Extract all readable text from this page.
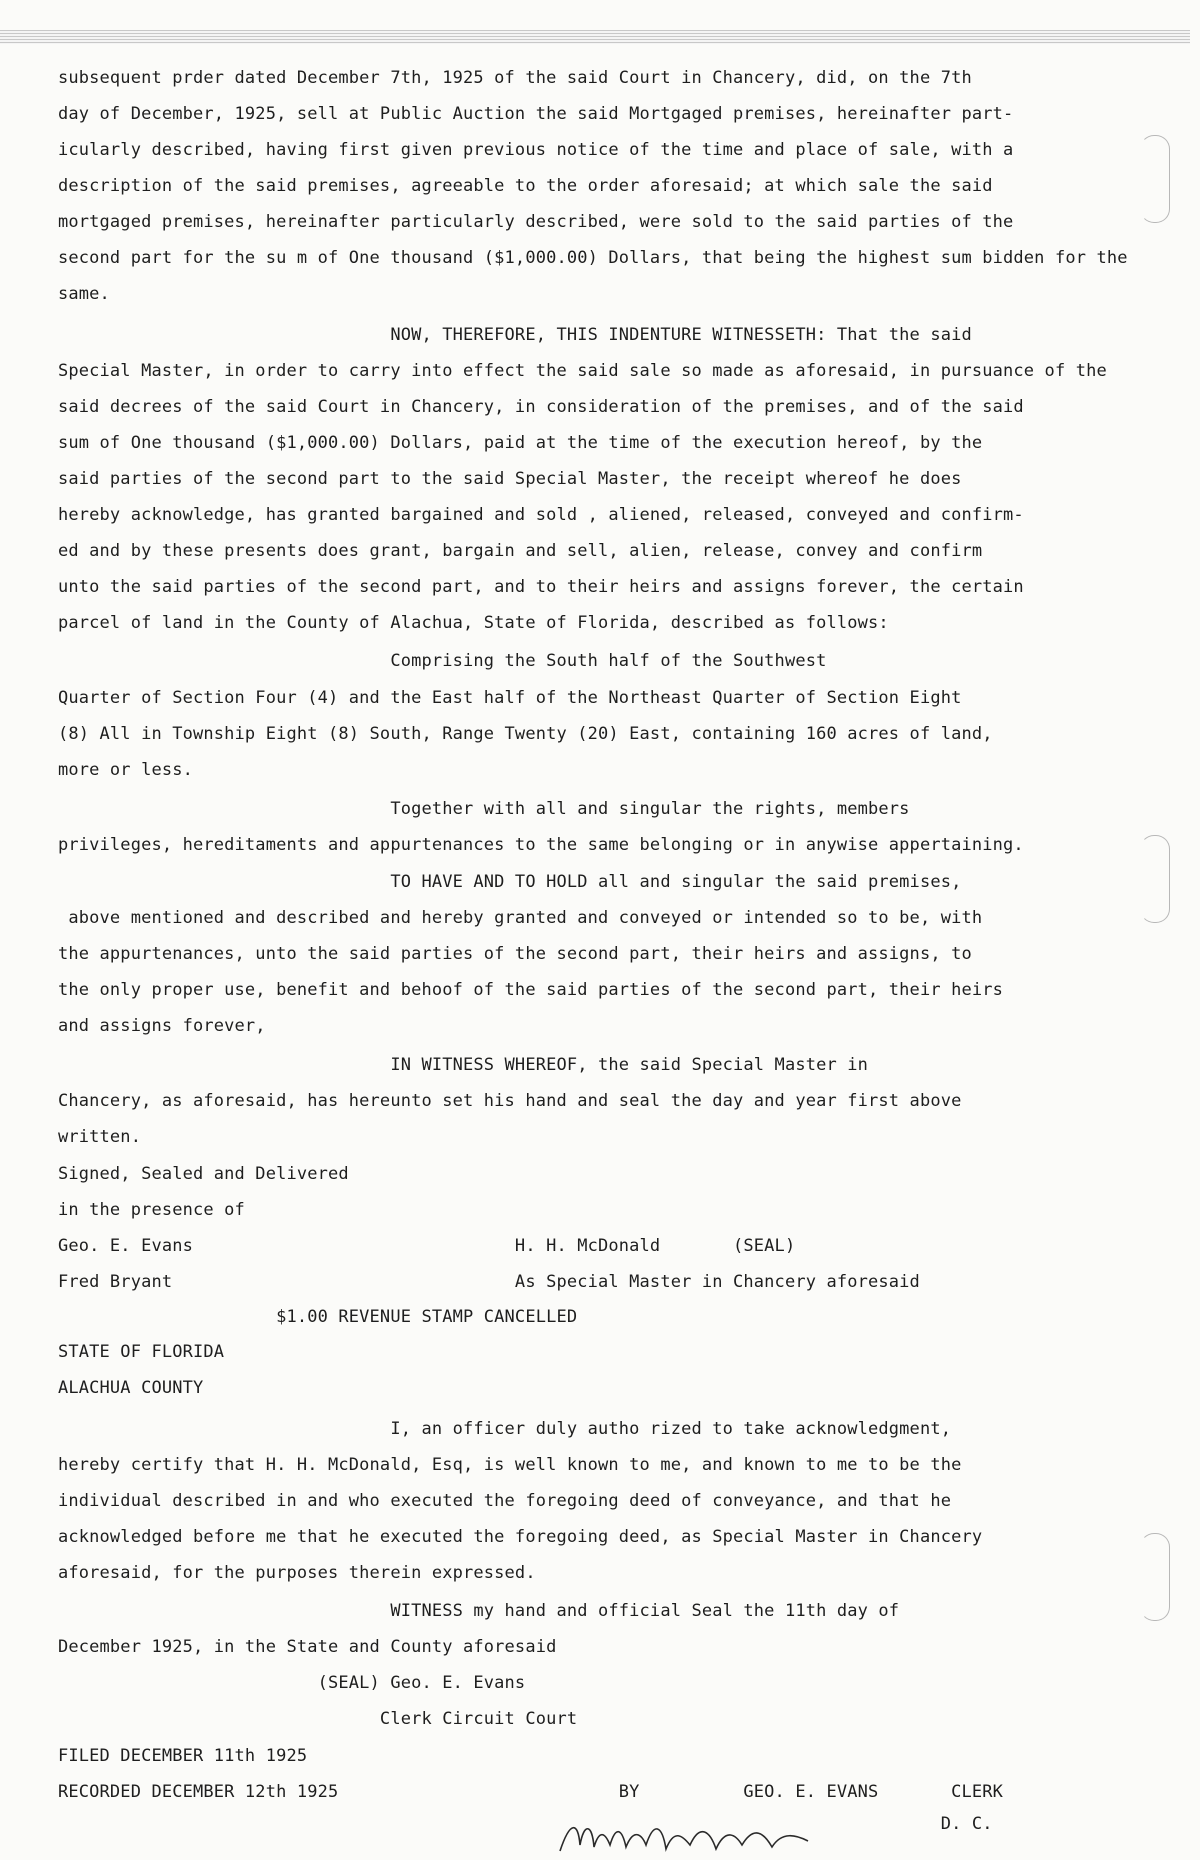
subsequent prder dated December 7th, 1925 of the said Court in Chancery, did, on the 7th
day of December, 1925, sell at Public Auction the said Mortgaged premises, hereinafter part-
icularly described, having first given previous notice of the time and place of sale, with a
description of the said premises, agreeable to the order aforesaid; at which sale the said
mortgaged premises, hereinafter particularly described, were sold to the said parties of the
second part for the su m of One thousand ($1,000.00) Dollars, that being the highest sum bidden for the
same.
NOW, THEREFORE, THIS INDENTURE WITNESSETH: That the said
Special Master, in order to carry into effect the said sale so made as aforesaid, in pursuance of the
said decrees of the said Court in Chancery, in consideration of the premises, and of the said
sum of One thousand ($1,000.00) Dollars, paid at the time of the execution hereof, by the
said parties of the second part to the said Special Master, the receipt whereof he does
hereby acknowledge, has granted bargained and sold , aliened, released, conveyed and confirm-
ed and by these presents does grant, bargain and sell, alien, release, convey and confirm
unto the said parties of the second part, and to their heirs and assigns forever, the certain
parcel of land in the County of Alachua, State of Florida, described as follows:
Comprising the South half of the Southwest
Quarter of Section Four (4) and the East half of the Northeast Quarter of Section Eight
(8) All in Township Eight (8) South, Range Twenty (20) East, containing 160 acres of land,
more or less.
Together with all and singular the rights, members
privileges, hereditaments and appurtenances to the same belonging or in anywise appertaining.
TO HAVE AND TO HOLD all and singular the said premises,
above mentioned and described and hereby granted and conveyed or intended so to be, with
the appurtenances, unto the said parties of the second part, their heirs and assigns, to
the only proper use, benefit and behoof of the said parties of the second part, their heirs
and assigns forever,
IN WITNESS WHEREOF, the said Special Master in
Chancery, as aforesaid, has hereunto set his hand and seal the day and year first above
written.
Signed, Sealed and Delivered
in the presence of
Geo. E. Evans                               H. H. McDonald       (SEAL)
Fred Bryant                                 As Special Master in Chancery aforesaid
$1.00 REVENUE STAMP CANCELLED
STATE OF FLORIDA
ALACHUA COUNTY
I, an officer duly autho rized to take acknowledgment,
hereby certify that H. H. McDonald, Esq, is well known to me, and known to me to be the
individual described in and who executed the foregoing deed of conveyance, and that he
acknowledged before me that he executed the foregoing deed, as Special Master in Chancery
aforesaid, for the purposes therein expressed.
WITNESS my hand and official Seal the 11th day of
December 1925, in the State and County aforesaid
(SEAL) Geo. E. Evans
Clerk Circuit Court
FILED DECEMBER 11th 1925
RECORDED DECEMBER 12th 1925                           BY          GEO. E. EVANS       CLERK
D. C.
